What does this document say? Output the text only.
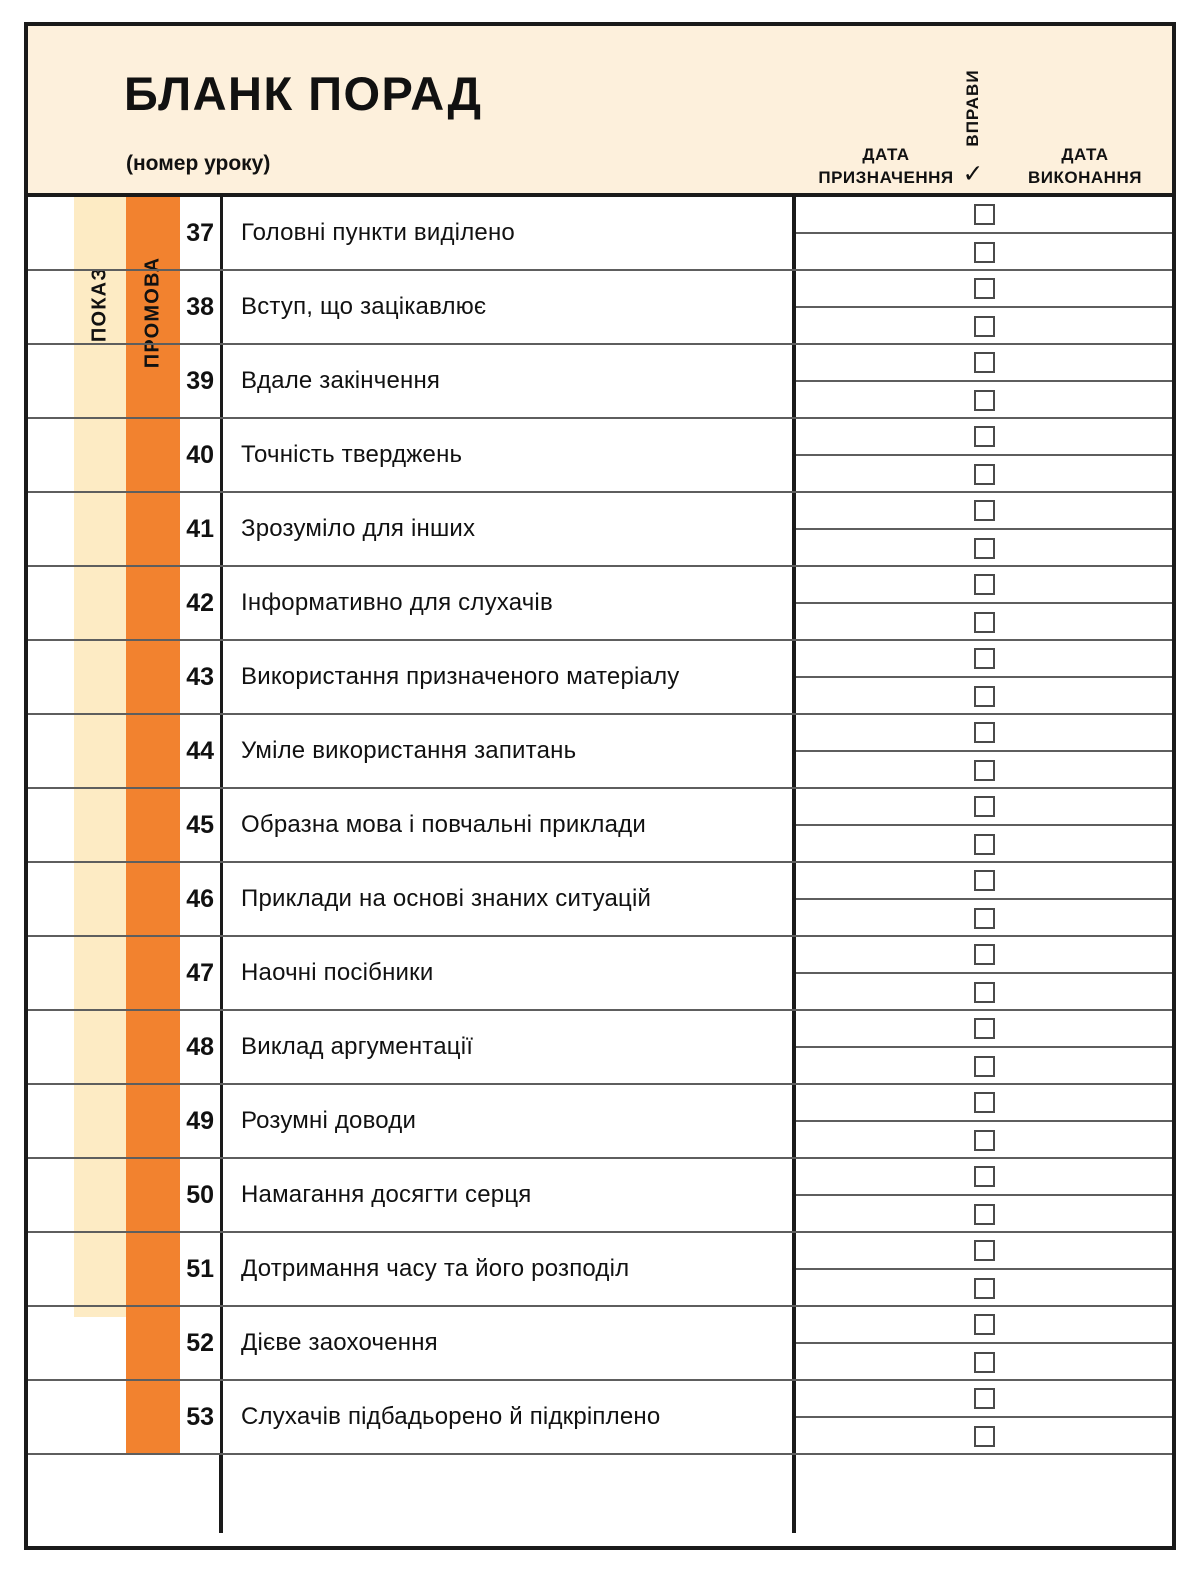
БЛАНК ПОРАД
(номер уроку)	ДАТА
ПРИЗНАЧЕННЯ
ВПРАВИ
✓
ДАТА
ВИКОНАННЯ
ПОКАЗ ПРОМОВА
37	Головні пункти виділено
38	Вступ, що зацікавлює
39	Вдале закінчення
40	Точність тверджень
41	Зрозуміло для інших
42	Інформативно для слухачів
43	Використання призначеного матеріалу
44	Уміле використання запитань
45	Образна мова і повчальні приклади
46	Приклади на основі знаних ситуацій
47	Наочні посібники
48	Виклад аргументації
49	Розумні доводи
50	Намагання досягти серця
51	Дотримання часу та його розподіл
52	Дієве заохочення
53	Слухачів підбадьорено й підкріплено
